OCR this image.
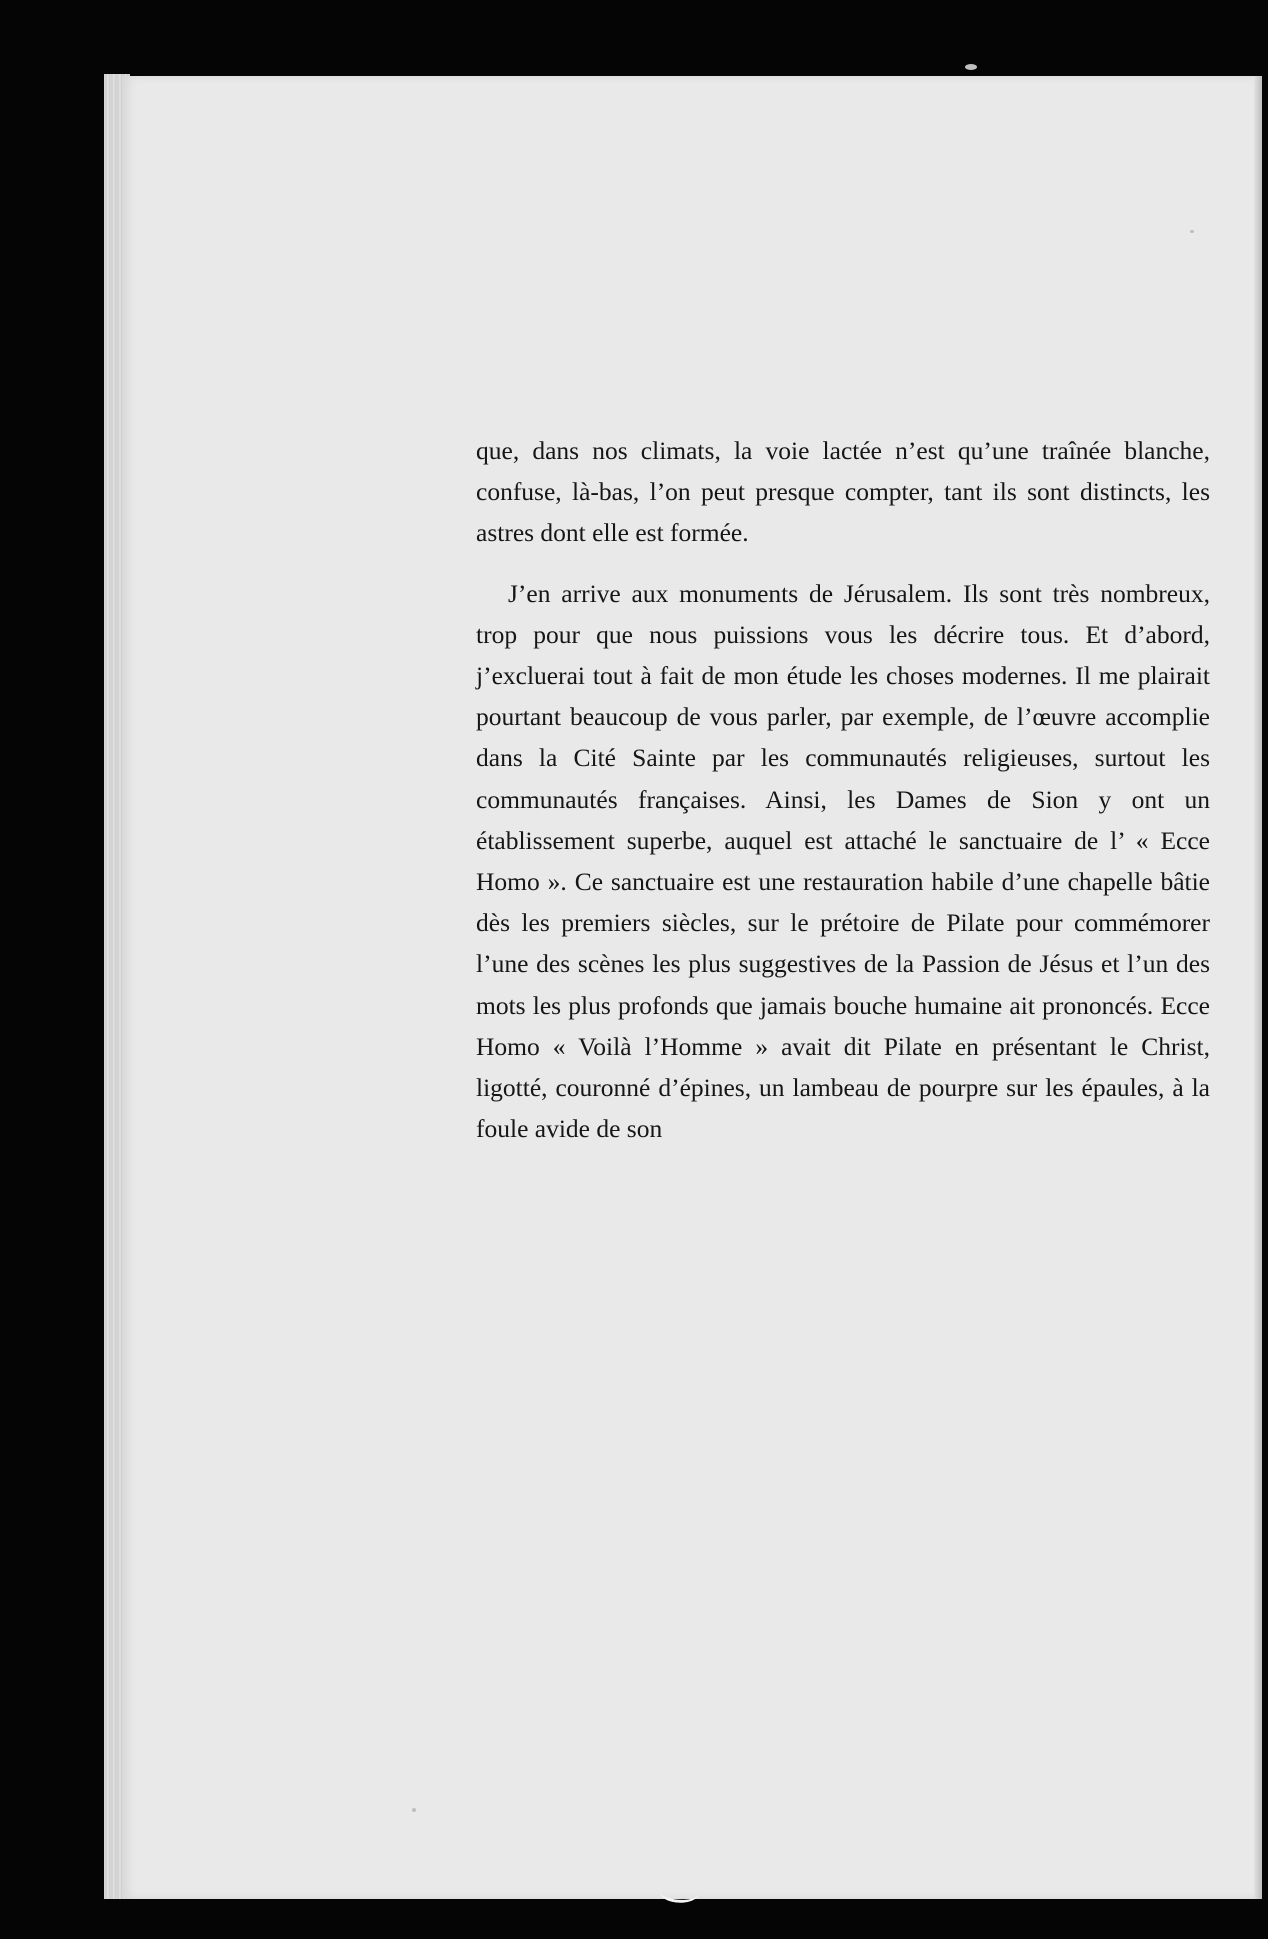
que, dans nos climats, la voie lactée n’est qu’une traînée blanche, confuse, là-bas, l’on peut presque compter, tant ils sont distincts, les astres dont elle est formée.

J’en arrive aux monuments de Jérusalem. Ils sont très nombreux, trop pour que nous puissions vous les décrire tous. Et d’abord, j’excluerai tout à fait de mon étude les choses modernes. Il me plairait pourtant beaucoup de vous parler, par exemple, de l’œuvre accomplie dans la Cité Sainte par les communautés religieuses, surtout les communautés françaises. Ainsi, les Dames de Sion y ont un établissement superbe, auquel est attaché le sanctuaire de l’ « Ecce Homo ». Ce sanctuaire est une restauration habile d’une chapelle bâtie dès les premiers siècles, sur le prétoire de Pilate pour commémorer l’une des scènes les plus suggestives de la Passion de Jésus et l’un des mots les plus profonds que jamais bouche humaine ait prononcés. Ecce Homo « Voilà l’Homme » avait dit Pilate en présentant le Christ, ligotté, couronné d’épines, un lambeau de pourpre sur les épaules, à la foule avide de son
